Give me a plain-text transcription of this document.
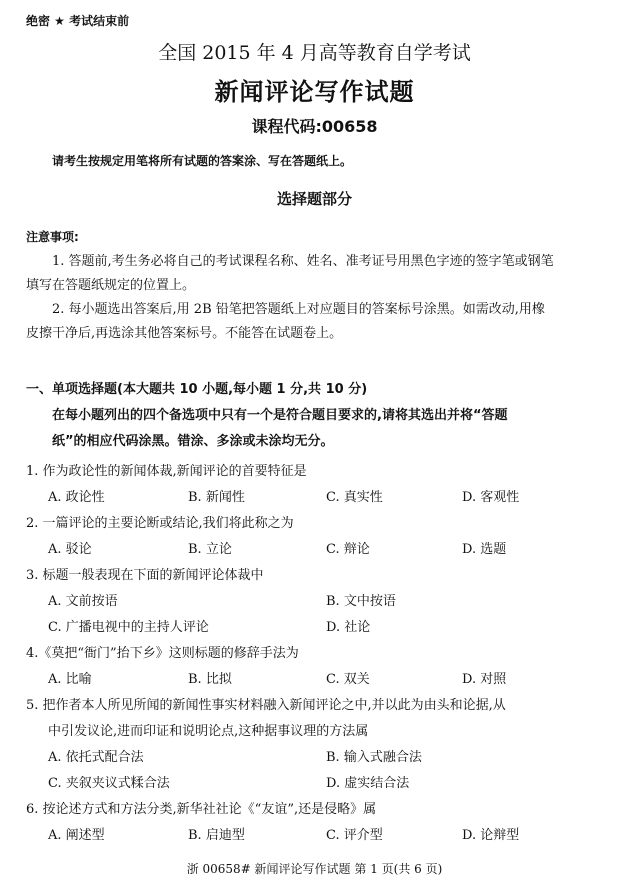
绝密 ★ 考试结束前
全国 2015 年 4 月高等教育自学考试
新闻评论写作试题
课程代码:00658
请考生按规定用笔将所有试题的答案涂、写在答题纸上。
选择题部分
注意事项:
1. 答题前,考生务必将自己的考试课程名称、姓名、准考证号用黑色字迹的签字笔或钢笔
填写在答题纸规定的位置上。
2. 每小题选出答案后,用 2B 铅笔把答题纸上对应题目的答案标号涂黑。如需改动,用橡
皮擦干净后,再选涂其他答案标号。不能答在试题卷上。
一、单项选择题(本大题共 10 小题,每小题 1 分,共 10 分)
在每小题列出的四个备选项中只有一个是符合题目要求的,请将其选出并将“答题
纸”的相应代码涂黑。错涂、多涂或未涂均无分。
1. 作为政论性的新闻体裁,新闻评论的首要特征是
A. 政论性	B. 新闻性	C. 真实性	D. 客观性
2. 一篇评论的主要论断或结论,我们将此称之为
A. 驳论	B. 立论	C. 辩论	D. 选题
3. 标题一般表现在下面的新闻评论体裁中
A. 文前按语	B. 文中按语
C. 广播电视中的主持人评论	D. 社论
4.《莫把“衙门”抬下乡》这则标题的修辞手法为
A. 比喻	B. 比拟	C. 双关	D. 对照
5. 把作者本人所见所闻的新闻性事实材料融入新闻评论之中,并以此为由头和论据,从
中引发议论,进而印证和说明论点,这种据事议理的方法属
A. 依托式配合法	B. 输入式融合法
C. 夹叙夹议式糅合法	D. 虚实结合法
6. 按论述方式和方法分类,新华社社论《“友谊”,还是侵略》属
A. 阐述型	B. 启迪型	C. 评介型	D. 论辩型
浙 00658# 新闻评论写作试题 第 1 页(共 6 页)
